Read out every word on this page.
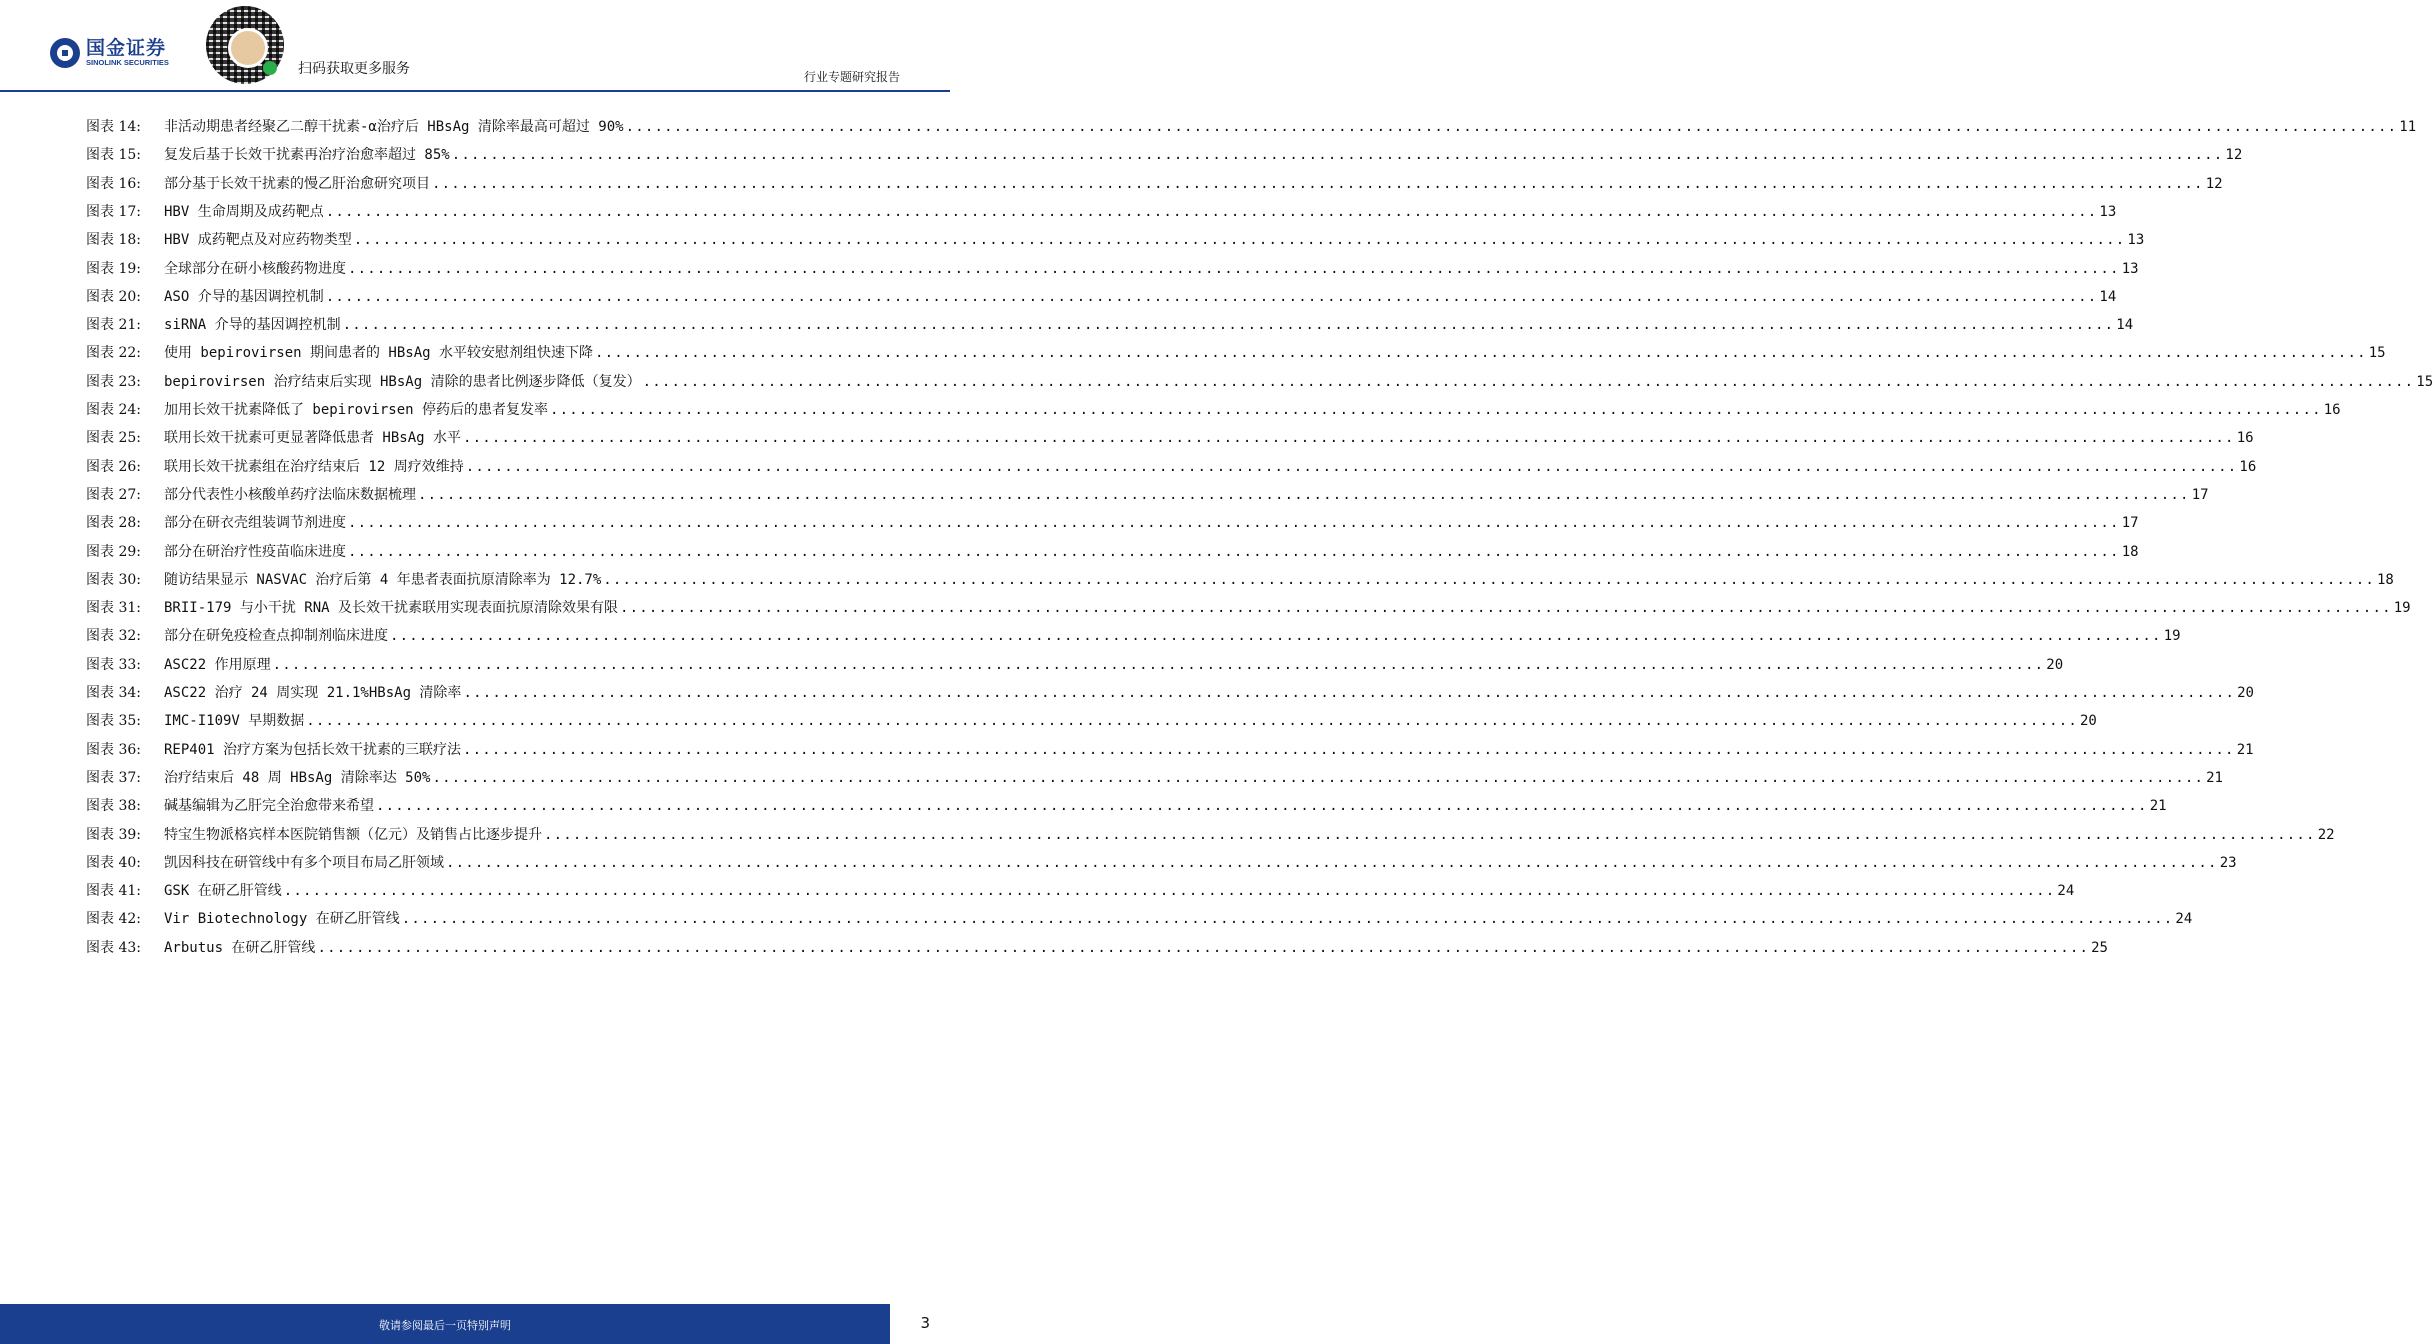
国金证券
SINOLINK SECURITIES	扫码获取更多服务	行业专题研究报告
图表 14:	非活动期患者经聚乙二醇干扰素-α治疗后 HBsAg 清除率最高可超过 90% .....	11
图表 15:	复发后基于长效干扰素再治疗治愈率超过 85% .....	12
图表 16:	部分基于长效干扰素的慢乙肝治愈研究项目 .....	12
图表 17:	HBV 生命周期及成药靶点 .....	13
图表 18:	HBV 成药靶点及对应药物类型 .....	13
图表 19:	全球部分在研小核酸药物进度 .....	13
图表 20:	ASO 介导的基因调控机制 .....	14
图表 21:	siRNA 介导的基因调控机制 .....	14
图表 22:	使用 bepirovirsen 期间患者的 HBsAg 水平较安慰剂组快速下降 .....	15
图表 23:	bepirovirsen 治疗结束后实现 HBsAg 清除的患者比例逐步降低（复发） .....	15
图表 24:	加用长效干扰素降低了 bepirovirsen 停药后的患者复发率 .....	16
图表 25:	联用长效干扰素可更显著降低患者 HBsAg 水平 .....	16
图表 26:	联用长效干扰素组在治疗结束后 12 周疗效维持 .....	16
图表 27:	部分代表性小核酸单药疗法临床数据梳理 .....	17
图表 28:	部分在研衣壳组装调节剂进度 .....	17
图表 29:	部分在研治疗性疫苗临床进度 .....	18
图表 30:	随访结果显示 NASVAC 治疗后第 4 年患者表面抗原清除率为 12.7% .....	18
图表 31:	BRII-179 与小干扰 RNA 及长效干扰素联用实现表面抗原清除效果有限 .....	19
图表 32:	部分在研免疫检查点抑制剂临床进度 .....	19
图表 33:	ASC22 作用原理 .....	20
图表 34:	ASC22 治疗 24 周实现 21.1%HBsAg 清除率 .....	20
图表 35:	IMC-I109V 早期数据 .....	20
图表 36:	REP401 治疗方案为包括长效干扰素的三联疗法 .....	21
图表 37:	治疗结束后 48 周 HBsAg 清除率达 50% .....	21
图表 38:	碱基编辑为乙肝完全治愈带来希望 .....	21
图表 39:	特宝生物派格宾样本医院销售额（亿元）及销售占比逐步提升 .....	22
图表 40:	凯因科技在研管线中有多个项目布局乙肝领域 .....	23
图表 41:	GSK 在研乙肝管线 .....	24
图表 42:	Vir Biotechnology 在研乙肝管线 .....	24
图表 43:	Arbutus 在研乙肝管线 .....	25
敬请参阅最后一页特别声明	3
